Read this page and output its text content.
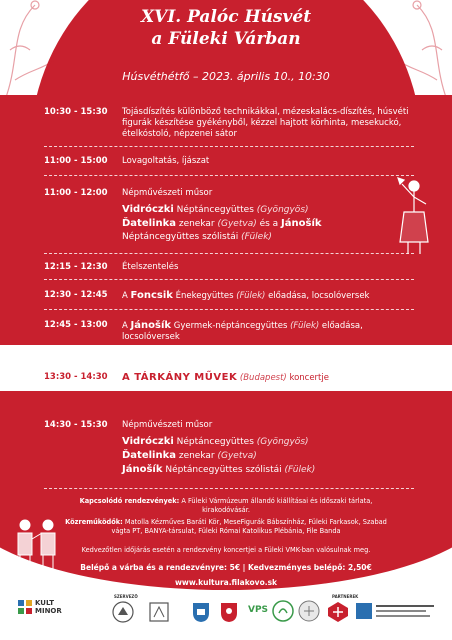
XVI. Palóc Húsvét
a Füleki Várban
Húsvéthétfő – 2023. április 10., 10:30
10:30 - 15:30	Tojásdíszítés különböző technikákkal, mézeskalács-díszítés, húsvéti figurák készítése gyékényből, kézzel hajtott körhinta, mesekuckó, ételkóstoló, népzenei sátor
11:00 - 15:00	Lovagoltatás, íjászat
11:00 - 12:00	Népművészeti műsor
Vidróczki Néptáncegyüttes (Gyöngyös)
Ďatelinka zenekar (Gyetva) és a Jánošík
Néptáncegyüttes szólistái (Fülek)
12:15 - 12:30	Ételszentelés
12:30 - 12:45	A Foncsik Énekegyüttes (Fülek) előadása, locsolóversek
12:45 - 13:00	A Jánošík Gyermek-néptáncegyüttes (Fülek) előadása, locsolóversek
13:30 - 14:30	A TÁRKÁNY MŰVEK (Budapest) koncertje
14:30 - 15:30	Népművészeti műsor
Vidróczki Néptáncegyüttes (Gyöngyös)
Ďatelinka zenekar (Gyetva)
Jánošík Néptáncegyüttes szólistái (Fülek)
Kapcsolódó rendezvények: A Füleki Vármúzeum állandó kiállításai és időszaki tárlata, kirakodóvásár.
Közreműködők: Matolla Kézműves Baráti Kör, MeseFigurák Bábszínház, Füleki Farkasok, Szabad vágta PT, BANYA-társulat, Füleki Római Katolikus Plébánia, File Banda
Kedvezőtlen időjárás esetén a rendezvény koncertjei a Füleki VMK-ban valósulnak meg.
Belépő a várba és a rendezvényre: 5€ | Kedvezményes belépő: 2,50€
www.kultura.filakovo.sk
KULT
MINOR
SZERVEZŐ
VPS
PARTNEREK
